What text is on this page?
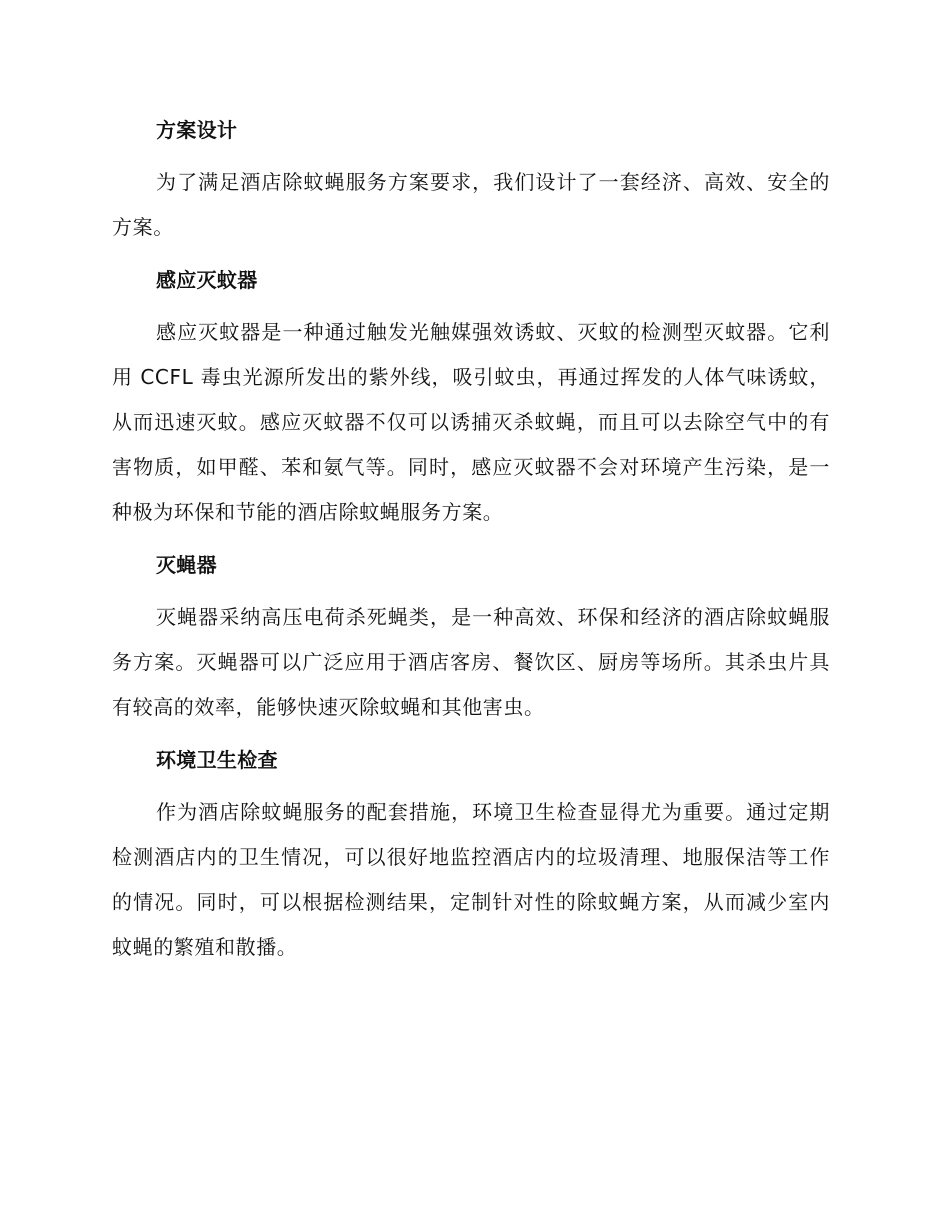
方案设计

为了满足酒店除蚊蝇服务方案要求，我们设计了一套经济、高效、安全的方案。

感应灭蚊器

感应灭蚊器是一种通过触发光触媒强效诱蚊、灭蚊的检测型灭蚊器。它利用 CCFL 毒虫光源所发出的紫外线，吸引蚊虫，再通过挥发的人体气味诱蚊，从而迅速灭蚊。感应灭蚊器不仅可以诱捕灭杀蚊蝇，而且可以去除空气中的有害物质，如甲醛、苯和氨气等。同时，感应灭蚊器不会对环境产生污染，是一种极为环保和节能的酒店除蚊蝇服务方案。

灭蝇器

灭蝇器采纳高压电荷杀死蝇类，是一种高效、环保和经济的酒店除蚊蝇服务方案。灭蝇器可以广泛应用于酒店客房、餐饮区、厨房等场所。其杀虫片具有较高的效率，能够快速灭除蚊蝇和其他害虫。

环境卫生检查

作为酒店除蚊蝇服务的配套措施，环境卫生检查显得尤为重要。通过定期检测酒店内的卫生情况，可以很好地监控酒店内的垃圾清理、地服保洁等工作的情况。同时，可以根据检测结果，定制针对性的除蚊蝇方案，从而减少室内蚊蝇的繁殖和散播。
